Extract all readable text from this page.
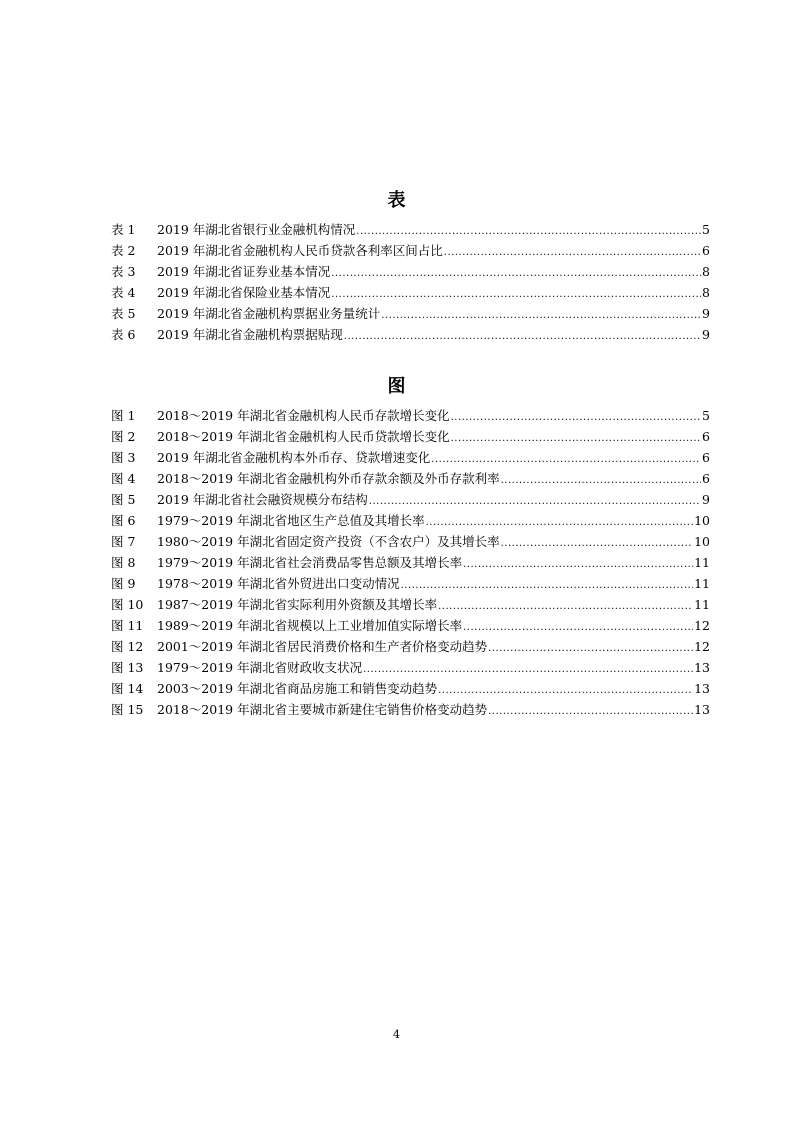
表
表 1	2019 年湖北省银行业金融机构情况 .....	5
表 2	2019 年湖北省金融机构人民币贷款各利率区间占比 .....	6
表 3	2019 年湖北省证券业基本情况 .....	8
表 4	2019 年湖北省保险业基本情况 .....	8
表 5	2019 年湖北省金融机构票据业务量统计 .....	9
表 6	2019 年湖北省金融机构票据贴现 .....	9
图
图 1	2018～2019 年湖北省金融机构人民币存款增长变化 .....	5
图 2	2018～2019 年湖北省金融机构人民币贷款增长变化 .....	6
图 3	2019 年湖北省金融机构本外币存、贷款增速变化 .....	6
图 4	2018～2019 年湖北省金融机构外币存款余额及外币存款利率 .....	6
图 5	2019 年湖北省社会融资规模分布结构 .....	9
图 6	1979～2019 年湖北省地区生产总值及其增长率 .....	10
图 7	1980～2019 年湖北省固定资产投资（不含农户）及其增长率 .....	10
图 8	1979～2019 年湖北省社会消费品零售总额及其增长率 .....	11
图 9	1978～2019 年湖北省外贸进出口变动情况 .....	11
图 10	1987～2019 年湖北省实际利用外资额及其增长率 .....	11
图 11	1989～2019 年湖北省规模以上工业增加值实际增长率 .....	12
图 12	2001～2019 年湖北省居民消费价格和生产者价格变动趋势 .....	12
图 13	1979～2019 年湖北省财政收支状况 .....	13
图 14	2003～2019 年湖北省商品房施工和销售变动趋势 .....	13
图 15	2018～2019 年湖北省主要城市新建住宅销售价格变动趋势 .....	13
4
